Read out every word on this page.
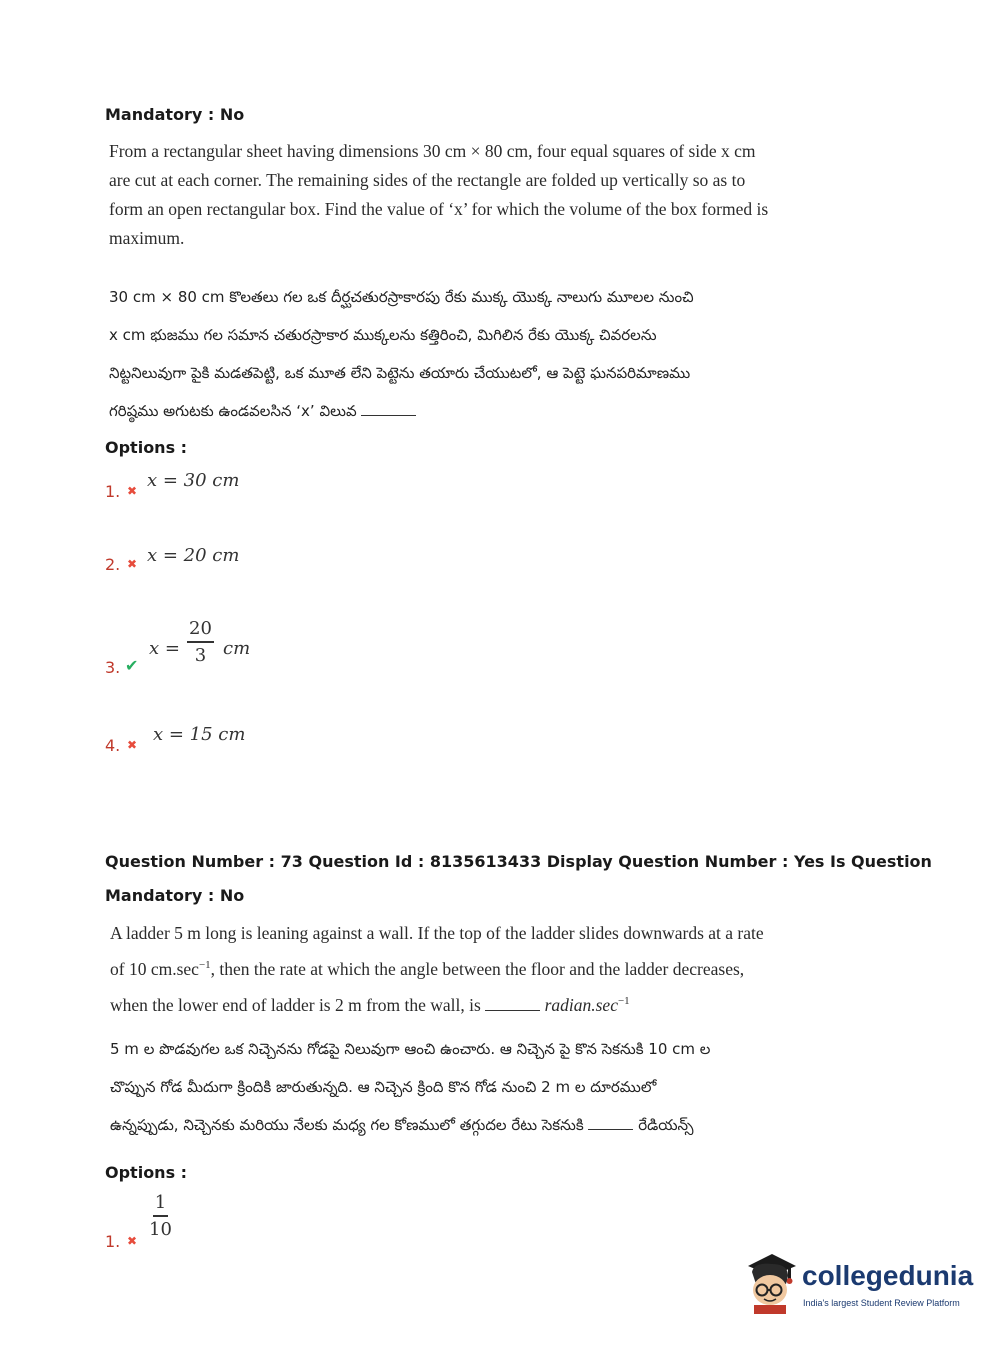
Mandatory : No
From a rectangular sheet having dimensions 30 cm × 80 cm, four equal squares of side x cm
are cut at each corner. The remaining sides of the rectangle are folded up vertically so as to
form an open rectangular box. Find the value of ‘x’ for which the volume of the box formed is
maximum.
30 cm × 80 cm కొలతలు గల ఒక దీర్ఘచతురస్రాకారపు రేకు ముక్క యొక్క నాలుగు మూలల నుంచి
x cm భుజము గల సమాన చతురస్రాకార ముక్కలను కత్తిరించి, మిగిలిన రేకు యొక్క చివరలను
నిట్టనిలువుగా పైకి మడతపెట్టి, ఒక మూత లేని పెట్టెను తయారు చేయుటలో, ఆ పెట్టె ఘనపరిమాణము
గరిష్ఠము అగుటకు ఉండవలసిన ‘x’ విలువ
Options :
1. ✖ x = 30 cm
2. ✖ x = 20 cm
3. ✔
$x = \frac{20}{3}$ cm
4. ✖ x = 15 cm
Question Number : 73 Question Id : 8135613433 Display Question Number : Yes Is Question
Mandatory : No
A ladder 5 m long is leaning against a wall. If the top of the ladder slides downwards at a rate
of 10 $cm.\sec^{-1}$, then the rate at which the angle between the floor and the ladder decreases,
when the lower end of ladder is 2 m from the wall, is	$radian.\sec^{-1}$
5 m ల పొడవుగల ఒక నిచ్చెనను గోడపై నిలువుగా ఆంచి ఉంచారు. ఆ నిచ్చెన పై కొన సెకనుకి 10 cm ల
చొప్పున గోడ మీదుగా క్రిందికి జారుతున్నది. ఆ నిచ్చెన క్రింది కొన గోడ నుంచి 2 m ల దూరములో
ఉన్నప్పుడు, నిచ్చెనకు మరియు నేలకు మధ్య గల కోణములో తగ్గుదల రేటు సెకనుకి	రేడియన్స్
Options :
1. ✖
$\frac{1}{10}$
collegedunia
India's largest Student Review Platform
